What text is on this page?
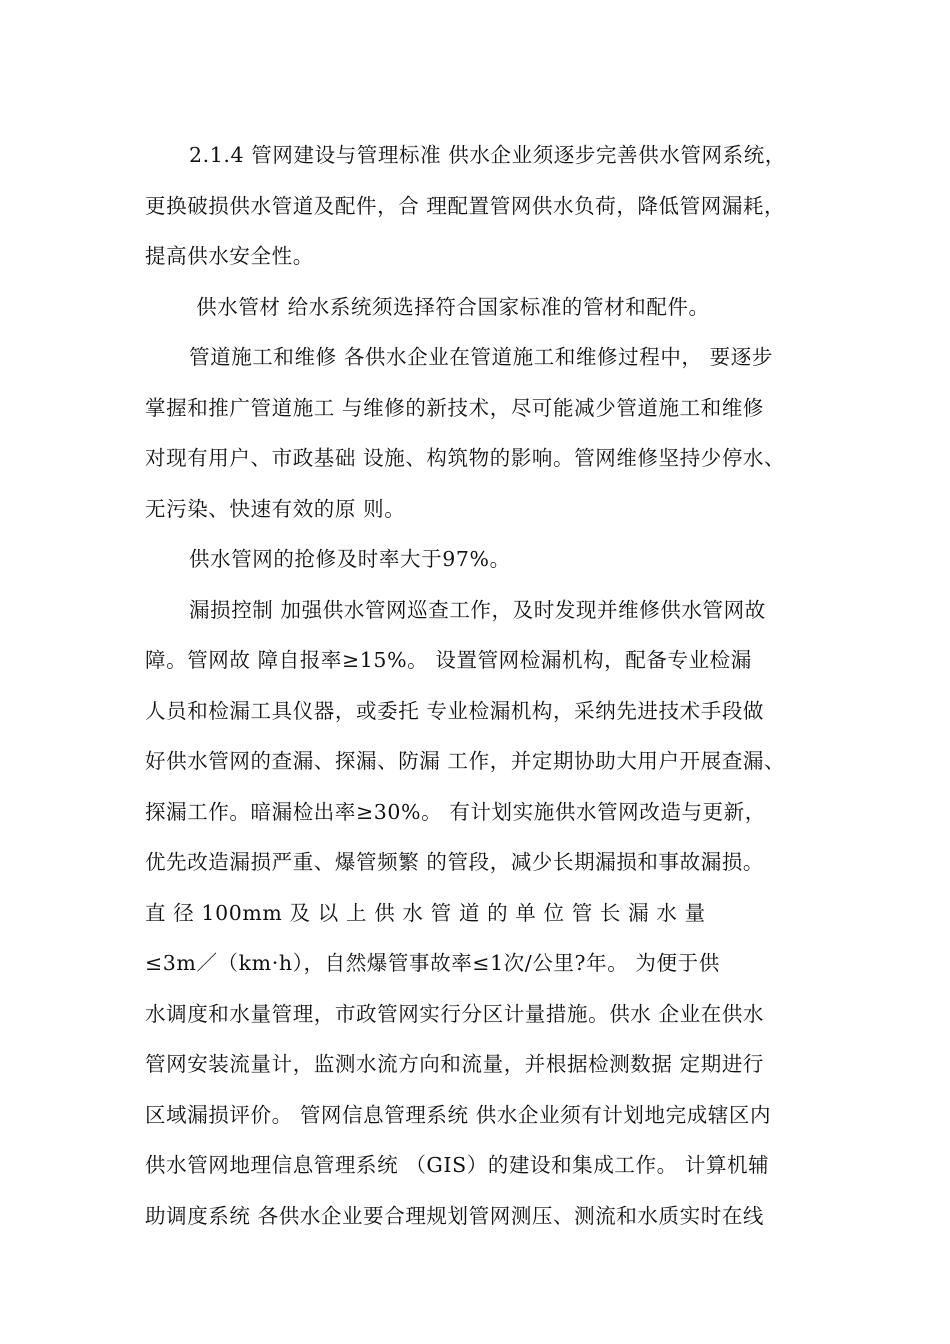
2.1.4 管网建设与管理标准 供水企业须逐步完善供水管网系统，
更换破损供水管道及配件，合 理配置管网供水负荷，降低管网漏耗，
提高供水安全性。
供水管材 给水系统须选择符合国家标准的管材和配件。
管道施工和维修 各供水企业在管道施工和维修过程中， 要逐步
掌握和推广管道施工 与维修的新技术，尽可能减少管道施工和维修
对现有用户、市政基础 设施、构筑物的影响。管网维修坚持少停水、
无污染、快速有效的原 则。
供水管网的抢修及时率大于97%。
漏损控制 加强供水管网巡查工作，及时发现并维修供水管网故
障。管网故 障自报率≥15%。 设置管网检漏机构，配备专业检漏
人员和检漏工具仪器，或委托 专业检漏机构，采纳先进技术手段做
好供水管网的查漏、探漏、防漏 工作，并定期协助大用户开展查漏、
探漏工作。暗漏检出率≥30%。 有计划实施供水管网改造与更新，
优先改造漏损严重、爆管频繁 的管段，减少长期漏损和事故漏损。
直 径 100mm 及 以 上 供 水 管 道 的 单 位 管 长 漏 水 量
≤3m／（km·h），自然爆管事故率≤1次/公里?年。 为便于供
水调度和水量管理，市政管网实行分区计量措施。供水 企业在供水
管网安装流量计，监测水流方向和流量，并根据检测数据 定期进行
区域漏损评价。 管网信息管理系统 供水企业须有计划地完成辖区内
供水管网地理信息管理系统 （GIS）的建设和集成工作。 计算机辅
助调度系统 各供水企业要合理规划管网测压、测流和水质实时在线
